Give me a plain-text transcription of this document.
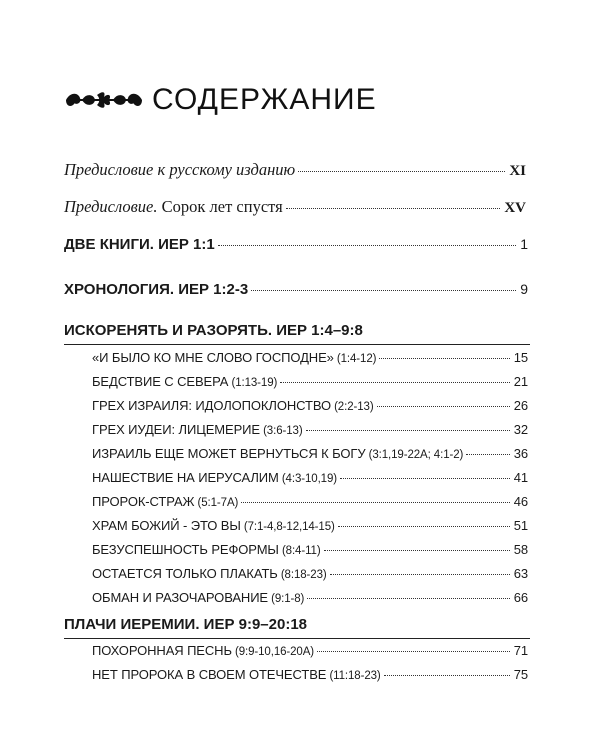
СОДЕРЖАНИЕ
Предисловие к русскому изданию	XI
Предисловие. Сорок лет спустя	XV
ДВЕ КНИГИ. ИЕР 1:1	1
ХРОНОЛОГИЯ. ИЕР 1:2-3	9
ИСКОРЕНЯТЬ И РАЗОРЯТЬ. ИЕР 1:4–9:8
«И БЫЛО КО МНЕ СЛОВО ГОСПОДНЕ» (1:4-12)	15
БЕДСТВИЕ С СЕВЕРА (1:13-19)	21
ГРЕХ ИЗРАИЛЯ: ИДОЛОПОКЛОНСТВО (2:2-13)	26
ГРЕХ ИУДЕИ: ЛИЦЕМЕРИЕ (3:6-13)	32
ИЗРАИЛЬ ЕЩЕ МОЖЕТ ВЕРНУТЬСЯ К БОГУ (3:1,19-22А; 4:1-2)	36
НАШЕСТВИЕ НА ИЕРУСАЛИМ (4:3-10,19)	41
ПРОРОК-СТРАЖ (5:1-7А)	46
ХРАМ БОЖИЙ - ЭТО ВЫ (7:1-4,8-12,14-15)	51
БЕЗУСПЕШНОСТЬ РЕФОРМЫ (8:4-11)	58
ОСТАЕТСЯ ТОЛЬКО ПЛАКАТЬ (8:18-23)	63
ОБМАН И РАЗОЧАРОВАНИЕ (9:1-8)	66
ПЛАЧИ ИЕРЕМИИ. ИЕР 9:9–20:18
ПОХОРОННАЯ ПЕСНЬ (9:9-10,16-20А)	71
НЕТ ПРОРОКА В СВОЕМ ОТЕЧЕСТВЕ (11:18-23)	75
